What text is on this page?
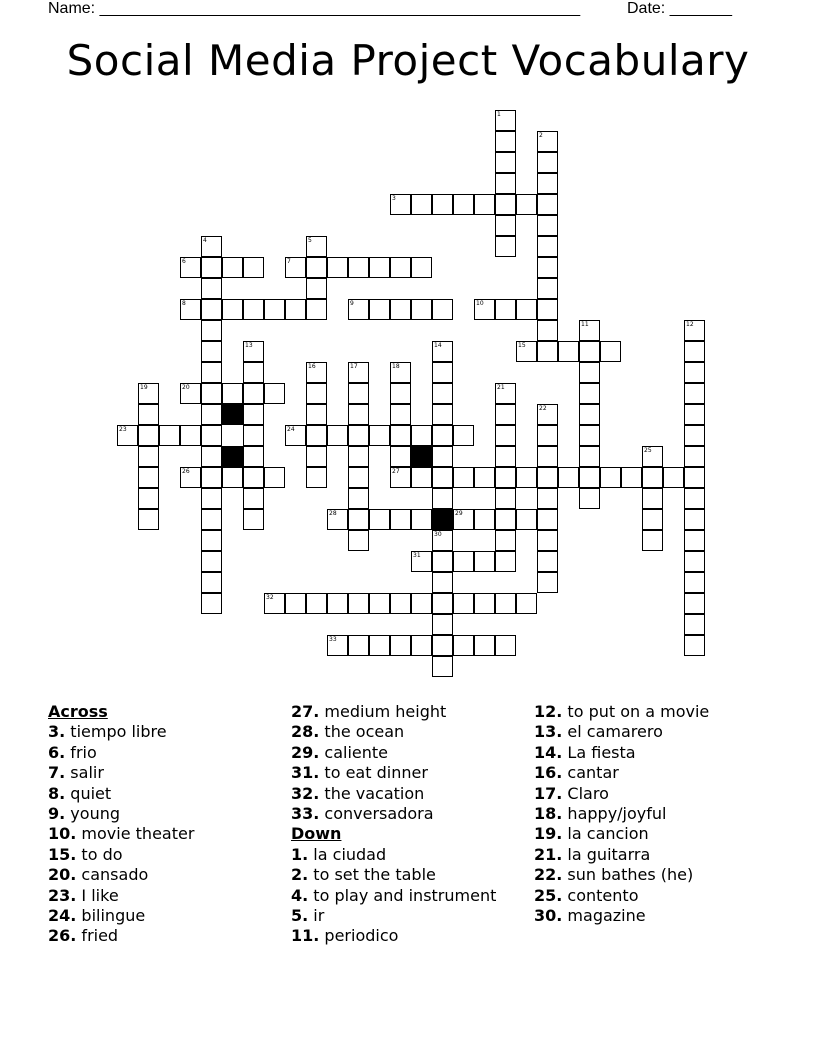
Name: ______________________________________________________	Date: _______
Social Media Project Vocabulary
1
2
3
4	5
6	7
8	9	10
11	12
13	14	15
16	17	18
19	20	21
22
23	24
25
26	27
28	29
30
31
32
33
Across
3. tiempo libre
6. frio
7. salir
8. quiet
9. young
10. movie theater
15. to do
20. cansado
23. I like
24. bilingue
26. fried
27. medium height
28. the ocean
29. caliente
31. to eat dinner
32. the vacation
33. conversadora
Down
1. la ciudad
2. to set the table
4. to play and instrument
5. ir
11. periodico
12. to put on a movie
13. el camarero
14. La fiesta
16. cantar
17. Claro
18. happy/joyful
19. la cancion
21. la guitarra
22. sun bathes (he)
25. contento
30. magazine
